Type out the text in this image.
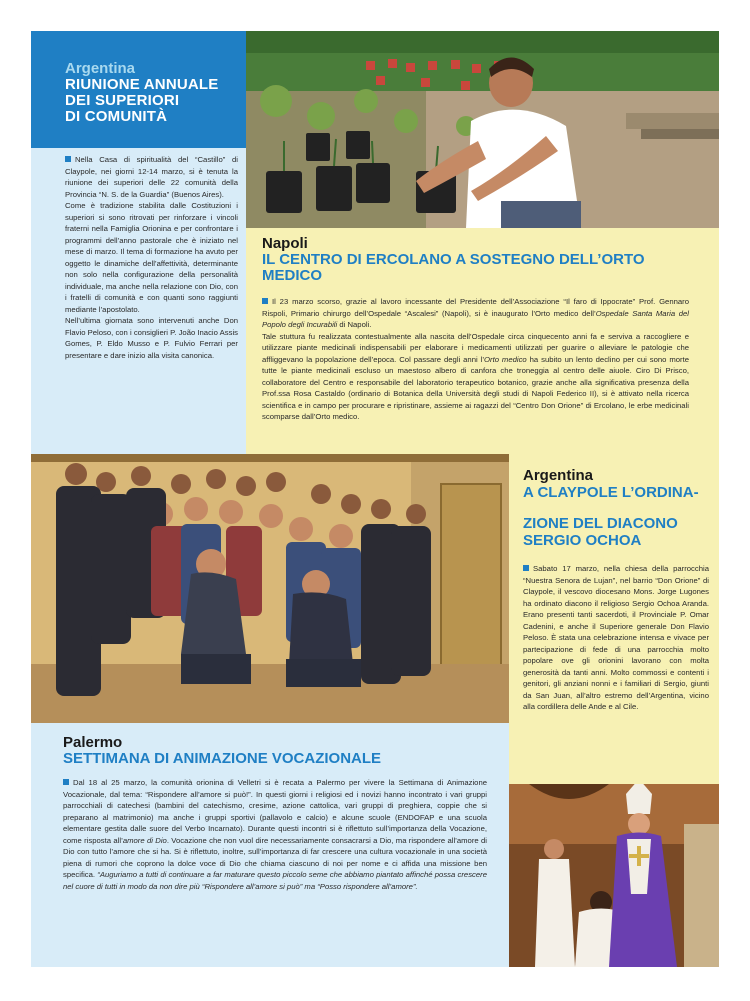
Argentina
RIUNIONE ANNUALE
DEI SUPERIORI
DI COMUNITÀ

Nella Casa di spiritualità del “Castillo” di Claypole, nei giorni 12-14 marzo, si è tenuta la riunione dei superiori delle 22 comunità della Provincia “N. S. de la Guardia” (Buenos Aires).

Come è tradizione stabilita dalle Costituzioni i superiori si sono ritrovati per rinforzare i vincoli fraterni nella Famiglia Orionina e per confrontare i programmi dell’anno pastorale che è iniziato nel mese di marzo. Il tema di formazione ha avuto per oggetto le dinamiche dell’affettività, determinante non solo nella configurazione della personalità individuale, ma anche nella relazione con Dio, con i fratelli di comunità e con quanti sono raggiunti mediante l’apostolato.

Nell’ultima giornata sono intervenuti anche Don Flavio Peloso, con i consiglieri P. João Inacio Assis Gomes, P. Eldo Musso e P. Fulvio Ferrari per presentare e dare inizio alla visita canonica.

Napoli
IL CENTRO DI ERCOLANO A SOSTEGNO DELL’ORTO MEDICO

Il 23 marzo scorso, grazie al lavoro incessante del Presidente dell’Associazione “Il faro di Ippocrate” Prof. Gennaro Rispoli, Primario chirurgo dell’Ospedale “Ascalesi” (Napoli), si è inaugurato l’Orto medico dell’Ospedale Santa Maria del Popolo degli Incurabili di Napoli.

Tale stuttura fu realizzata contestualmente alla nascita dell’Ospedale circa cinquecento anni fa e serviva a raccogliere e utilizzare piante medicinali indispensabili per elaborare i medicamenti utilizzati per guarire o alleviare le patologie che affliggevano la popolazione dell’epoca. Col passare degli anni l’Orto medico ha subito un lento declino per cui sono morte tutte le piante medicinali escluso un maestoso albero di canfora che troneggia al centro delle aiuole. Ciro Di Prisco, collaboratore del Centro e responsabile del laboratorio terapeutico botanico, grazie anche alla significativa presenza della Prof.ssa Rosa Castaldo (ordinario di Botanica della Università degli studi di Napoli Federico II), si è attivato nella ricerca scientifica e in campo per procurare e ripristinare, assieme ai ragazzi del “Centro Don Orione” di Ercolano, le erbe medicinali scomparse dall’Orto medico.

Argentina
A CLAYPOLE L’ORDINA-
ZIONE DEL DIACONO
SERGIO OCHOA

Sabato 17 marzo, nella chiesa della parrocchia “Nuestra Senora de Lujan”, nel barrio “Don Orione” di Claypole, il vescovo diocesano Mons. Jorge Lugones ha ordinato diacono il religioso Sergio Ochoa Aranda. Erano presenti tanti sacerdoti, il Provinciale P. Omar Cadenini, e anche il Superiore generale Don Flavio Peloso. È stata una celebrazione intensa e vivace per partecipazione di fede di una parrocchia molto popolare ove gli orionini lavorano con molta generosità da tanti anni. Molto commossi e contenti i genitori, gli anziani nonni e i familiari di Sergio, giunti da San Juan, all’altro estremo dell’Argentina, vicino alla cordillera delle Ande e al Cile.

Palermo
SETTIMANA DI ANIMAZIONE VOCAZIONALE

Dal 18 al 25 marzo, la comunità orionina di Velletri si è recata a Palermo per vivere la Settimana di Animazione Vocazionale, dal tema: “Rispondere all’amore si può!”. In questi giorni i religiosi ed i novizi hanno incontrato i vari gruppi parrocchiali di catechesi (bambini del catechismo, cresime, azione cattolica, vari gruppi di preghiera, coppie che si preparano al matrimonio) ma anche i gruppi sportivi (pallavolo e calcio) e alcune scuole (ENDOFAP e una scuola elementare gestita dalle suore del Verbo Incarnato). Durante questi incontri si è riflettuto sull’importanza della Vocazione, come risposta all’amore di Dio. Vocazione che non vuol dire necessariamente consacrarsi a Dio, ma rispondere all’amore di Dio con tutto l’amore che si ha. Si è riflettuto, inoltre, sull’importanza di far crescere una cultura vocazionale in una società piena di rumori che coprono la dolce voce di Dio che chiama ciascuno di noi per nome e ci affida una missione ben specifica. “Auguriamo a tutti di continuare a far maturare questo piccolo seme che abbiamo piantato affinché possa crescere nel cuore di tutti in modo da non dire più “Rispondere all’amore si può” ma “Posso rispondere all’amore”.
